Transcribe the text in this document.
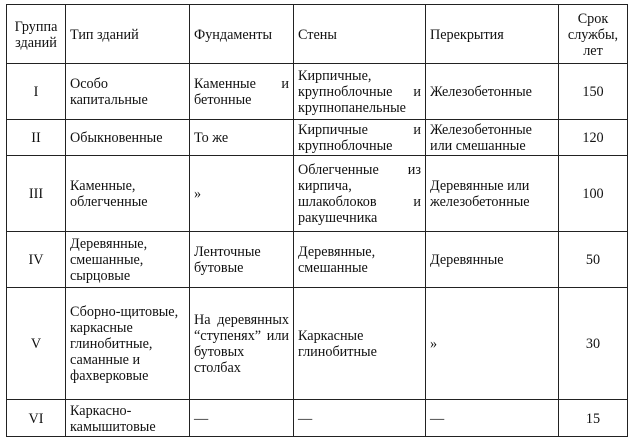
Группа зданий	Тип зданий	Фундаменты	Стены	Перекрытия	Срок службы, лет
I	Особо капитальные	Каменные и бетонные	Кирпичные, крупноблочные и крупнопанельные	Железобетонные	150
II	Обыкновенные	То же	Кирпичные и крупноблочные	Железобетонные или смешанные	120
III	Каменные, облегченные	»	Облегченные из кирпича, шлакоблоков и ракушечника	Деревянные или железобетонные	100
IV	Деревянные, смешанные, сырцовые	Ленточные бутовые	Деревянные, смешанные	Деревянные	50
V	Сборно-щитовые, каркасные глинобитные, саманные и фахверковые	На деревянных “ступенях” или бутовых столбах	Каркасные глинобитные	»	30
VI	Каркасно-камышитовые	—	—	—	15
